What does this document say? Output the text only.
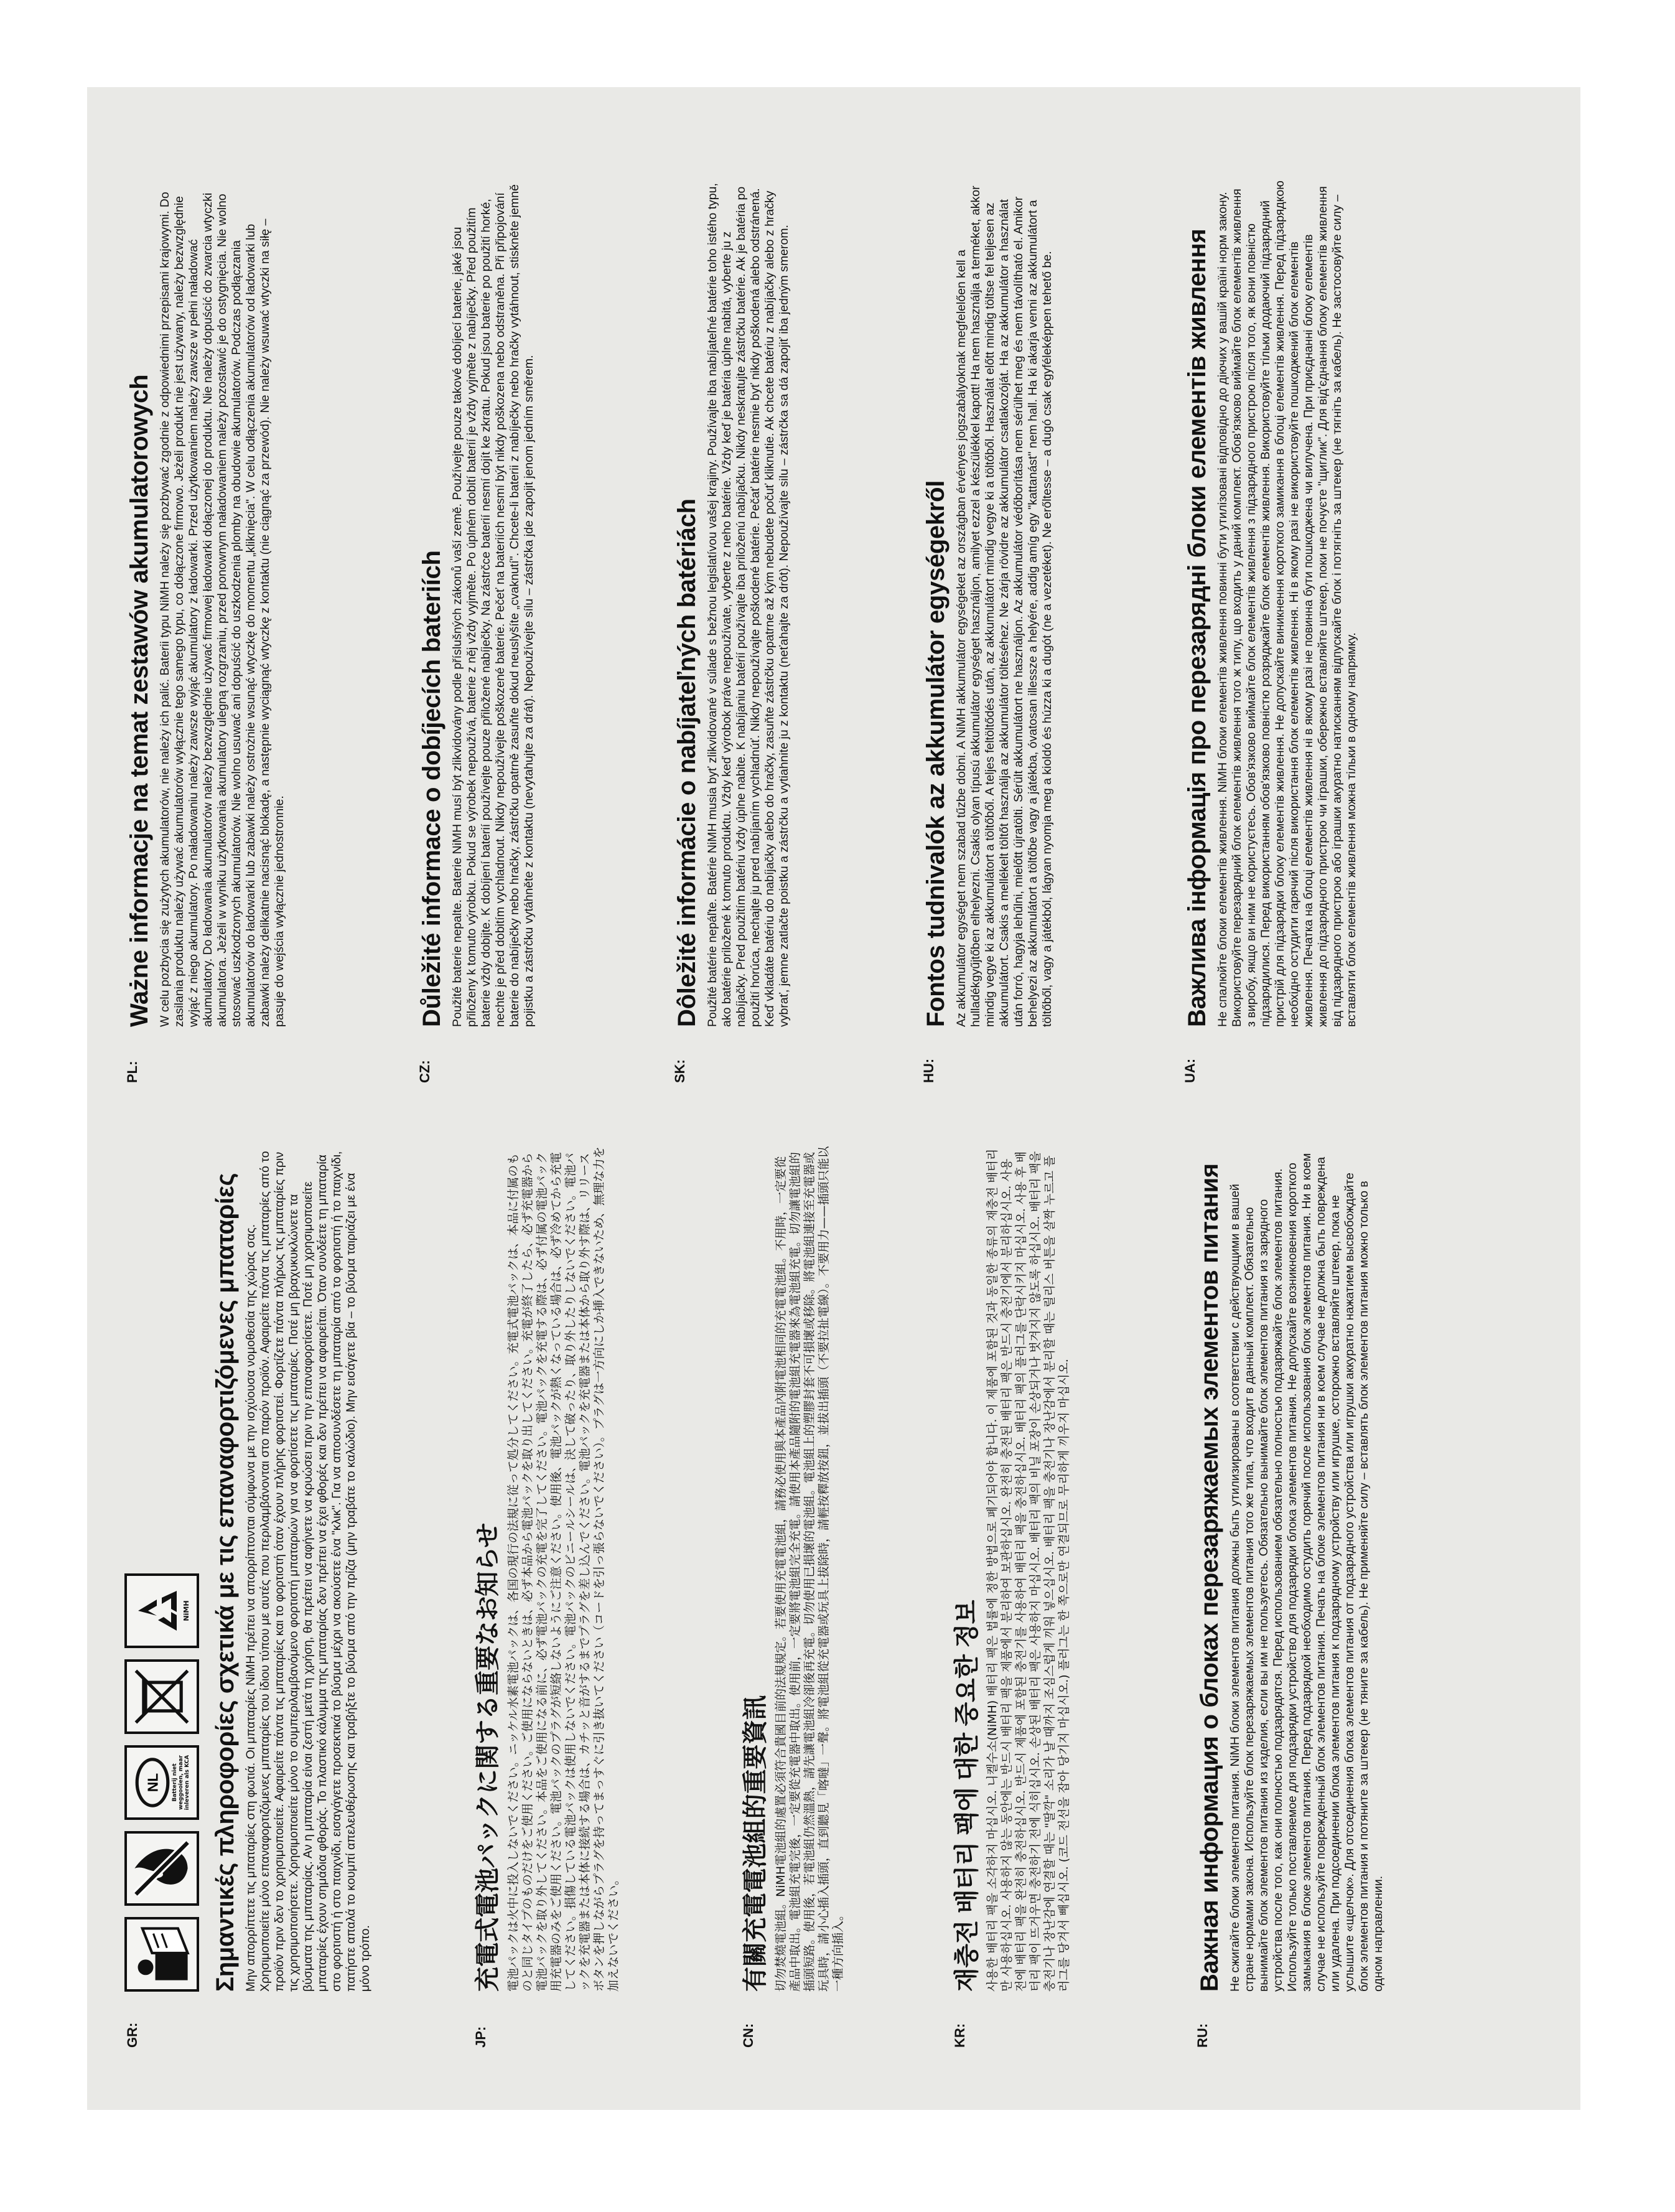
GR:
NL Batterij niet weggooien, maar inleveren als KCA
NiMH Σημαντικές πληροφορίες σχετικά με τις επαναφορτιζόμενες μπαταρίες Μην απορρίπτετε τις μπαταρίες στη φωτιά. Οι μπαταρίες NiMH πρέπει να απορρίπτονται σύμφωνα με την ισχύουσα νομοθεσία της χώρας σας. Χρησιμοποιείτε μόνο επαναφορτιζόμενες μπαταρίες του ίδιου τύπου με αυτές που περιλαμβάνονται στο παρόν προϊόν. Αφαιρείτε πάντα τις μπαταρίες από το προϊόν πριν δεν το χρησιμοποιείτε. Αφαιρείτε πάντα τις μπαταρίες και το φορτιστή όταν έχουν πλήρης φορτιστεί. Φορτίζετε πάντα πλήρως τις μπαταρίες πριν τις χρησιμοποιήσετε. Χρησιμοποιείτε μόνο το συμπεριλαμβανόμενο φορτιστή μπαταριών για να φορτίσετε τις μπαταρίες. Ποτέ μη βραχυκυκλώνετε τα βύσματα της μπαταρίας. Αν η μπαταρία είναι ζεστή μετά τη χρήση, θα πρέπει να αφήνετε να κρυώσει πριν την επαναφορτίσετε. Ποτέ μη χρησιμοποιείτε μπαταρίες έχουν σημάδια φθοράς. Το πλαστικό κάλυμμα της μπαταρίας δεν πρέπει να έχει φθορές και δεν πρέπει να αφαιρείται. Όταν συνδέετε τη μπαταρία στο φορτιστή ή στο παιχνίδι, εισαγάγετε προσεκτικά το βύσμα μέχρι να ακούσετε ένα "κλικ". Για να αποσυνδέσετε τη μπαταρία από το φορτιστή ή το παιχνίδι, πατήστε απαλά το κουμπί απελευθέρωσης και τραβήξτε το βύσμα από την πρίζα (μην τραβάτε το καλώδιο). Μην εισάγετε βία – το βύσμα ταιριάζει με ένα μόνο τρόπο.

JP:
充電式電池パックに関する重要なお知らせ 電池パックは火中に投入しないでください。ニッケル水素電池パックは、各国の現行の法規に従って処分してください。充電式電池パックは、本品に付属のものと同じタイプのものだけをご使用ください。ご使用にならないときは、必ず本品から電池パックを取り出してください。充電が終了したら、必ず充電器から電池パックを取り外してください。本品をご使用になる前に、必ず電池パックの充電を完了してください。電池パックを充電する際は、必ず付属の電池パック用充電器のみをご使用ください。電池パックのプラグが短絡しないようにご注意ください。使用後、電池パックが熱くなっている場合は、必ず冷めてから充電してください。損傷している電池パックは使用しないでください。電池パックのビニールシールは、決して破ったり、取り外したりしないでください。電池パックを充電器または本体に接続する場合は、カチッと音がするまでプラグを差し込んでください。電池パックを充電器または本体から取り外す際は、リリースボタンを押しながらプラグを持ってまっすぐに引き抜いてください（コードを引っ張らないでください）。プラグは一方向にしか挿入できないため、無理な力を加えないでください。

CN:
有關充電電池組的重要資訊 切勿焚燒電池組。NiMH電池組的處置必須符合貴國目前的法規規定。若要使用充電電池組，請務必使用與本產品內附電池相同的充電電池組。不用時，一定要從產品中取出。電池組充電完後，一定要從充電器中取出。使用前，一定要將電池組完全充電。請使用本產品隨附的電池組充電器來為電池組充電。切勿讓電池組的插頭短路。使用後，若電池組仍然溫熱，請先讓電池組冷卻後再充電。切勿使用已損壞的電池組。電池組上的塑膠封套不可損壞或移除。將電池組連接至充電器或玩具時，請小心插入插頭，直到聽見「喀噠」一聲。將電池組從充電器或玩具上拔除時，請輕按釋放按鈕，並拔出插頭（不要拉扯電線）。不要用力——插頭只能以一種方向插入。

KR:
재충전 배터리 팩에 대한 중요한 정보 사용한 배터리 팩을 소각하지 마십시오. 니켈수소(NiMH) 배터리 팩은 법률에 정한 방법으로 폐기되어야 합니다. 이 제품에 포함된 것과 동일한 종류의 재충전 배터리만 사용하십시오. 사용하지 않는 동안에는 반드시 배터리 팩을 제품에서 분리하여 보관하십시오. 완전히 충전된 배터리 팩은 반드시 충전기에서 분리하십시오. 사용 전에 배터리 팩을 완전히 충전하십시오. 반드시 제품에 포함된 충전기를 사용하여 배터리 팩을 충전하십시오. 배터리 팩의 플러그를 단락시키지 마십시오. 사용 후 배터리 팩이 뜨거우면 충전하기 전에 식히십시오. 손상된 배터리 팩은 사용하지 마십시오. 배터리 팩의 비닐 포장이 손상되거나 벗겨지지 않도록 하십시오. 배터리 팩을 충전기나 장난감에 연결할 때는 "딸깍" 소리가 날 때까지 조심스럽게 끼워 넣으십시오. 배터리 팩을 충전기나 장난감에서 분리할 때는 릴리스 버튼을 살짝 누르고 플러그를 당겨서 빼십시오. (코드 전선을 잡아 당기지 마십시오.) 플러그는 한 쪽으로만 연결되므로 무리하게 끼우지 마십시오.

RU:
Важная информация о блоках перезаряжаемых элементов питания Не сжигайте блоки элементов питания. NiMH блоки элементов питания должны быть утилизированы в соответствии с действующими в вашей стране нормами закона. Используйте блок перезаряжаемых элементов питания того же типа, что входит в данный комплект. Обязательно вынимайте блок элементов питания из изделия, если вы им не пользуетесь. Обязательно вынимайте блок элементов питания из зарядного устройства после того, как они полностью подзарядятся. Перед использованием обязательно полностью подзаряжайте блок элементов питания. Используйте только поставляемое для подзарядки устройство для подзарядки блока элементов питания. Не допускайте возникновения короткого замыкания в блоке элементов питания. Перед подзарядкой необходимо остудить горячий после использования блок элементов питания. Ни в коем случае не используйте поврежденный блок элементов питания. Печать на блоке элементов питания ни в коем случае не должна быть повреждена или удалена. При подсоединении блока элементов питания к подзарядному устройству или игрушке, осторожно вставляйте штекер, пока не услышите «щелчок». Для отсоединения блока элементов питания от подзарядного устройства или игрушки аккуратно нажатием высвобождайте блок элементов питания и потяните за штекер (не тяните за кабель). Не применяйте силу – вставлять блок элементов питания можно только в одном направлении.

PL:
Ważne informacje na temat zestawów akumulatorowych W celu pozbycia się zużytych akumulatorów, nie należy ich palić. Baterii typu NiMH należy się pozbywać zgodnie z odpowiednimi przepisami krajowymi. Do zasilania produktu należy używać akumulatorów wyłącznie tego samego typu, co dołączone firmowo. Jeżeli produkt nie jest używany, należy bezwzględnie wyjąć z niego akumulatory. Po naładowaniu należy zawsze wyjąć akumulatory z ładowarki. Przed użytkowaniem należy zawsze w pełni naładować akumulatory. Do ładowania akumulatorów należy bezwzględnie używać firmowej ładowarki dołączonej do produktu. Nie należy dopuścić do zwarcia wtyczki akumulatora. Jeżeli w wyniku użytkowania akumulatory ulegną rozgrzaniu, przed ponownym naładowaniem należy pozostawić je do ostygnięcia. Nie wolno stosować uszkodzonych akumulatorów. Nie wolno usuwać ani dopuścić do uszkodzenia plomby na obudowie akumulatorów. Podczas podłączania akumulatorów do ładowarki lub zabawki należy ostrożnie wsunąć wtyczkę do momentu „kliknięcia". W celu odłączenia akumulatorów od ładowarki lub zabawki należy delikatnie nacisnąć blokadę, a następnie wyciągnąć wtyczkę z kontaktu (nie ciągnąć za przewód). Nie należy wsuwać wtyczki na siłę – pasuje do wejścia wyłącznie jednostronnie.

CZ:
Důležité informace o dobíjecích bateriích Použité baterie nepalte. Baterie NiMH musí být zlikvidovány podle příslušných zákonů vaší země. Používejte pouze takové dobíjecí baterie, jaké jsou přiloženy k tomuto výrobku. Pokud se výrobek nepoužívá, baterie z něj vždy vyjměte. Po úplném dobití baterií je vždy vyjměte z nabíječky. Před použitím baterie vždy dobijte. K dobíjení baterií používejte pouze přiložené nabíječky. Na zástrčce baterií nesmí dojít ke zkratu. Pokud jsou baterie po použití horké, nechte je před dobitím vychladnout. Nikdy nepoužívejte poškozené baterie. Pečeť na bateriích nesmí být nikdy poškozena nebo odstraněna. Při připojování baterie do nabíječky nebo hračky, zástrčku opatrně zasuňte dokud neuslyšíte „cvaknutí". Chcete-li baterii z nabíječky nebo hračky vytáhnout, stiskněte jemně pojistku a zástrčku vytáhněte z kontaktu (nevytahujte za drát). Nepoužívejte sílu – zástrčka jde zapojit jenom jedním směrem.

SK:
Dôležité informácie o nabíjateľných batériách Použité batérie nepáľte. Batérie NiMH musia byť zlikvidované v súlade s bežnou legislatívou vašej krajiny. Používajte iba nabíjateľné batérie toho istého typu, ako batérie priložené k tomuto produktu. Vždy keď výrobok práve nepoužívate, vyberte z neho batérie. Vždy keď je batéria úplne nabitá, vyberte ju z nabíjačky. Pred použitím batériu vždy úplne nabite. K nabíjaniu batérií používajte iba priloženú nabíjačku. Nikdy neskratujte zástrčku batérie. Ak je batéria po použití horúca, nechajte ju pred nabíjaním vychladnúť. Nikdy nepoužívajte poškodené batérie. Pečať batérie nesmie byť nikdy poškodená alebo odstránená. Keď vkladáte batériu do nabíjačky alebo do hračky, zasuňte zástrčku opatrne až kým nebudete počuť kliknutie. Ak chcete batériu z nabíjačky alebo z hračky vybrať, jemne zatlačte poistku a zástrčku a vytiahnite ju z kontaktu (neťahajte za drôt). Nepoužívajte silu – zástrčka sa dá zapojiť iba jedným smerom.

HU:
Fontos tudnivalók az akkumulátor egységekről Az akkumulátor egységet nem szabad tűzbe dobni. A NiMH akkumulátor egységeket az országban érvényes jogszabályoknak megfelelően kell a hulladékgyűjtőben elhelyezni. Csakis olyan típusú akkumulátor egységet használjon, amilyet ezzel a készülékkel kapott! Ha nem használja a terméket, akkor mindig vegye ki az akkumulátort a töltőből. A teljes feltöltődés után, az akkumulátort mindig vegye ki a töltőből. Használat előtt mindig töltse fel teljesen az akkumulátort. Csakis a mellékelt töltőt használja az akkumulátor töltéséhez. Ne zárja rövidre az akkumulátor csatlakozóját. Ha az akkumulátor a használat után forró, hagyja lehűlni, mielőtt újratölti. Sérült akkumulátort ne használjon. Az akkumulátor védőborítása nem sérülhet meg és nem távolítható el. Amikor behelyezi az akkumulátort a töltőbe vagy a játékba, óvatosan illessze a helyére, addig amíg egy "kattanást" nem hall. Ha ki akarja venni az akkumulátort a töltőből, vagy a játékból, lágyan nyomja meg a kioldó és húzza ki a dugót (ne a vezetéket). Ne erőltesse – a dugó csak egyféleképpen tehető be.

UA:
Важлива інформація про перезарядні блоки елементів живлення Не спалюйте блоки елементів живлення. NiMH блоки елементів живлення повинні бути утилізовані відповідно до діючих у вашій країні норм закону. Використовуйте перезарядний блок елементів живлення того ж типу, що входить у даний комплект. Обов'язково виймайте блок елементів живлення з виробу, якщо ви ним не користуєтесь. Обов'язково виймайте блок елементів живлення з підзарядного пристрою після того, як вони повністю підзарядилися. Перед використанням обов'язково повністю розряджайте блок елементів живлення. Використовуйте тільки додаючий підзарядний пристрій для підзарядки блоку елементів живлення. Не допускайте виникнення короткого замикання в блоці елементів живлення. Перед підзарядкою необхідно остудити гарячий після використання блок елементів живлення. Ні в якому разі не використовуйте пошкоджений блок елементів живлення. Печатка на блоці елементів живлення ні в якому разі не повинна бути пошкоджена чи вилучена. При приєднанні блоку елементів живлення до підзарядного пристрою чи іграшки, обережно вставляйте штекер, поки не почуєте "щиглик". Для від'єднання блоку елементів живлення від підзарядного пристрою або іграшки акуратно натисканням відпускайте блок і потягніть за штекер (не тягніть за кабель). Не застосовуйте силу – вставляти блок елементів живлення можна тільки в одному напрямку.
